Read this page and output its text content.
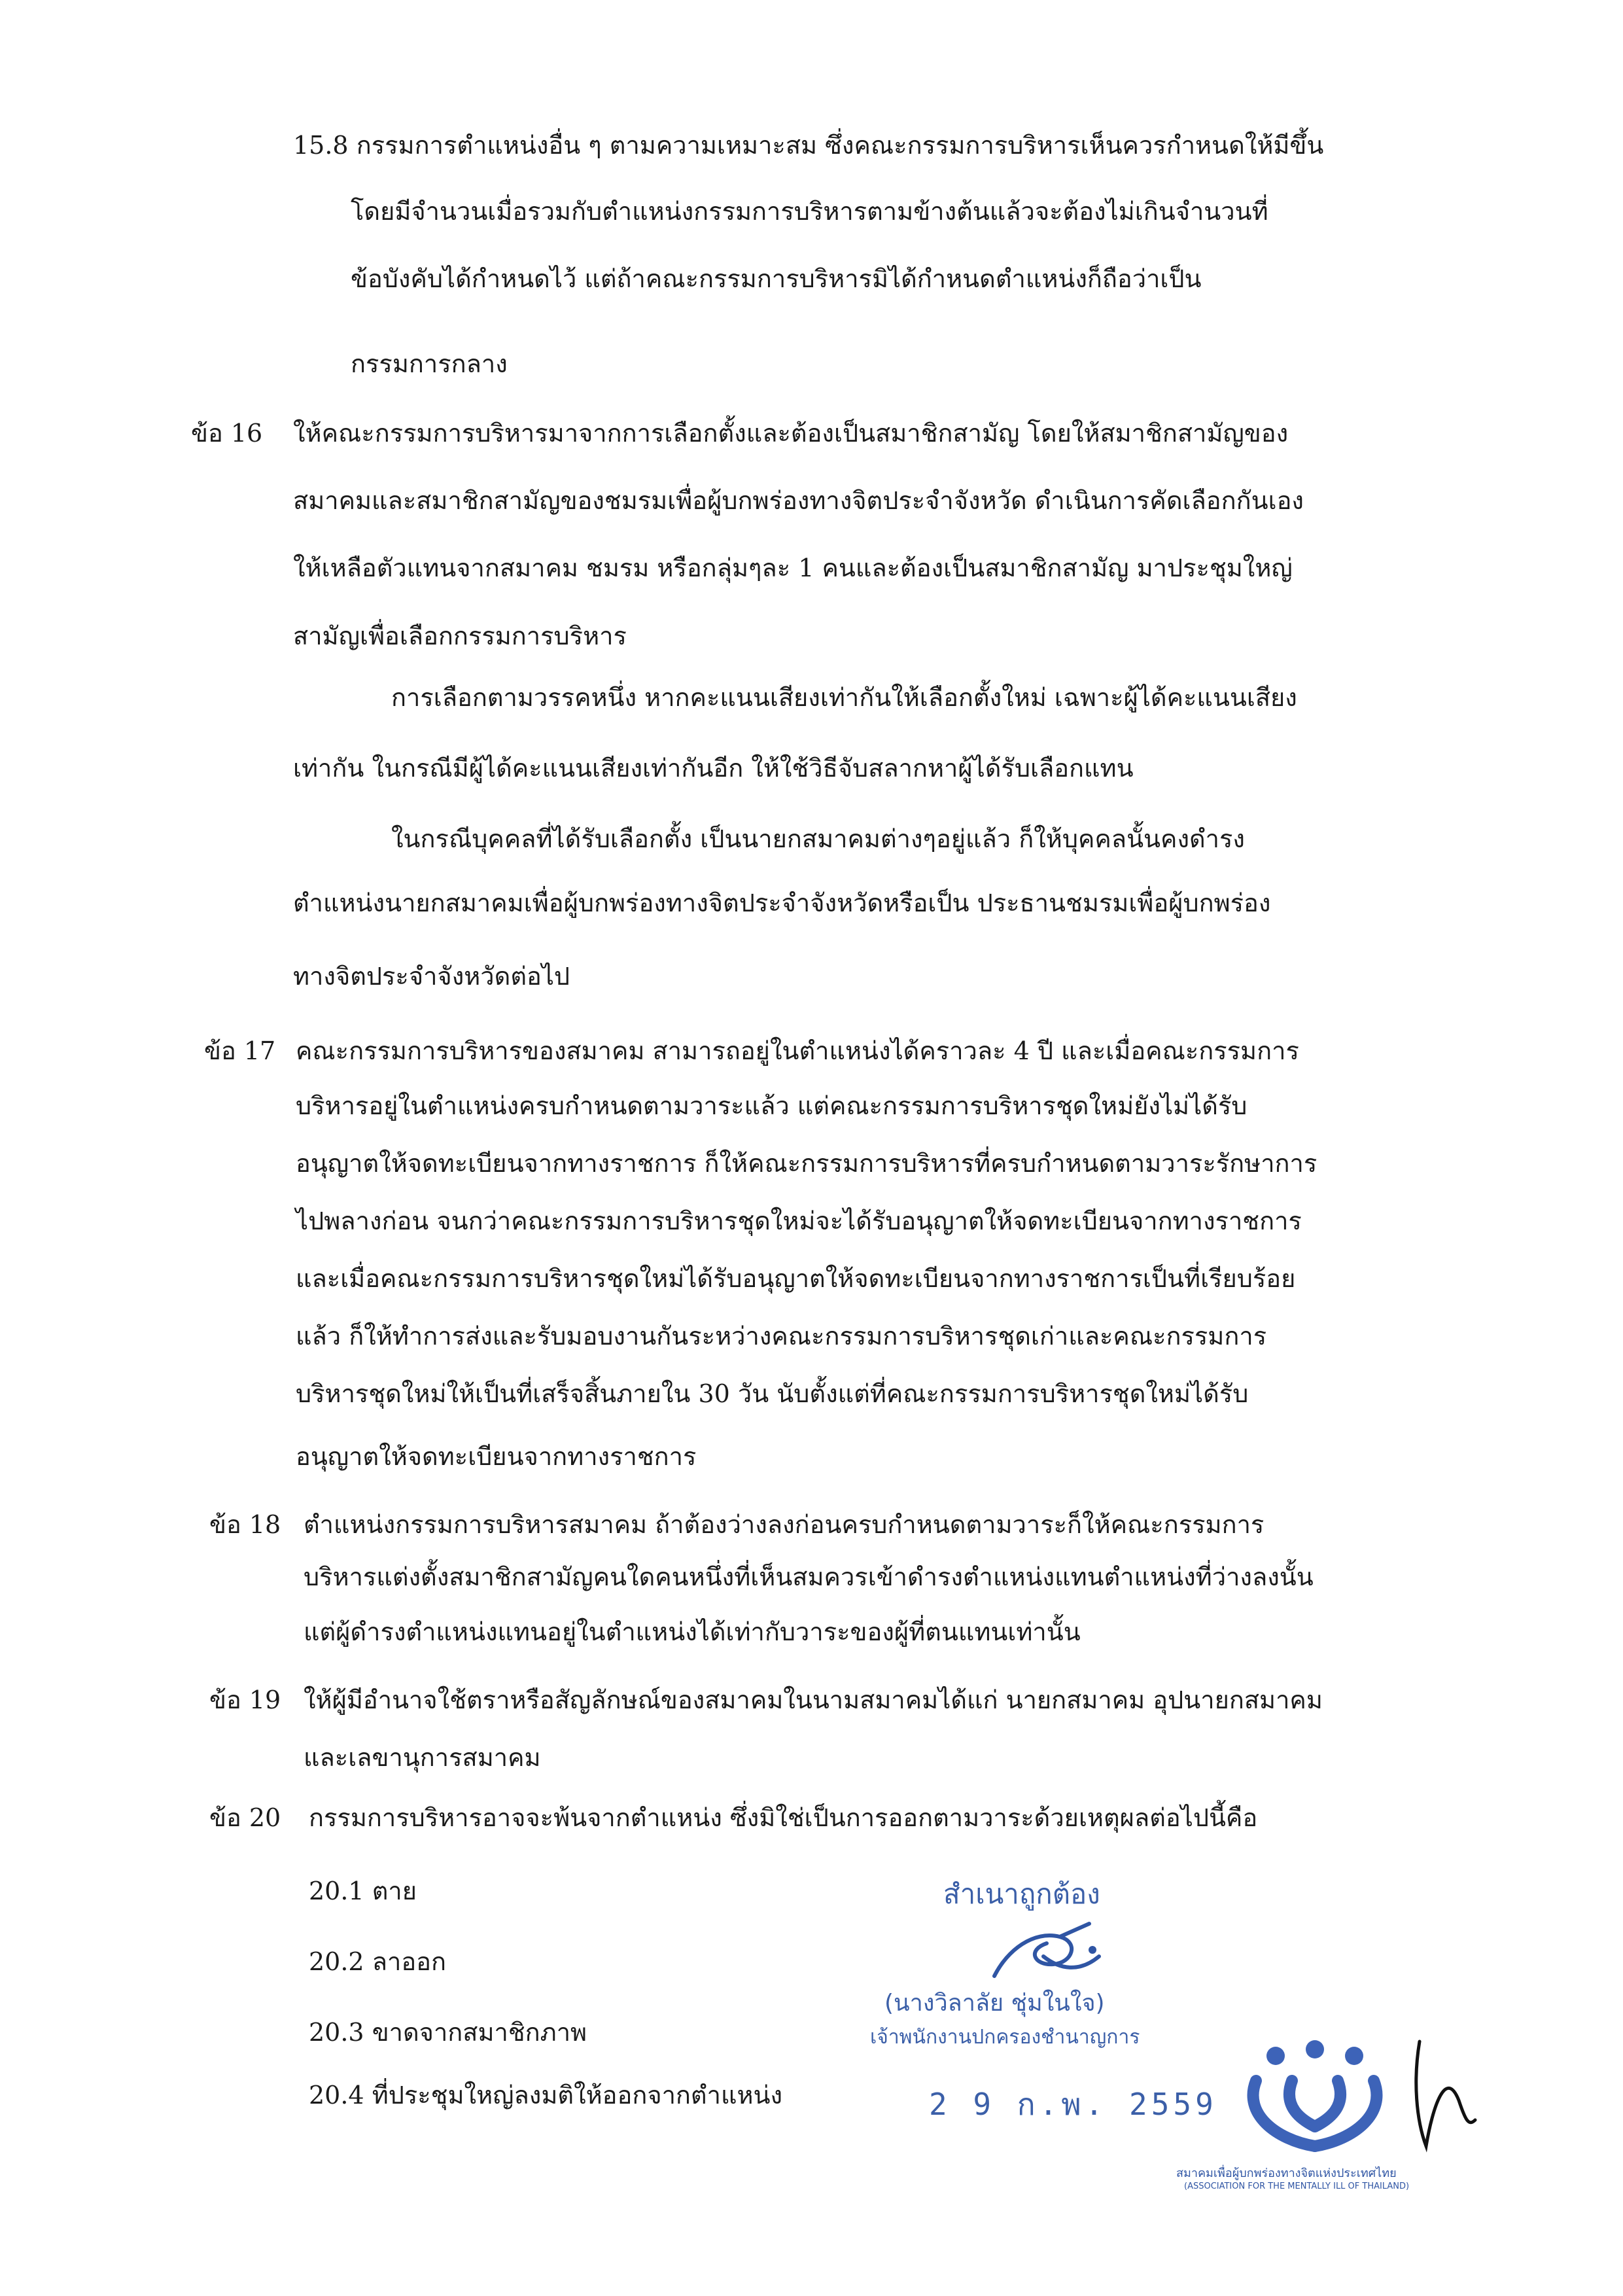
15.8 กรรมการตำแหน่งอื่น ๆ ตามความเหมาะสม ซึ่งคณะกรรมการบริหารเห็นควรกำหนดให้มีขึ้น
โดยมีจำนวนเมื่อรวมกับตำแหน่งกรรมการบริหารตามข้างต้นแล้วจะต้องไม่เกินจำนวนที่
ข้อบังคับได้กำหนดไว้ แต่ถ้าคณะกรรมการบริหารมิได้กำหนดตำแหน่งก็ถือว่าเป็น
กรรมการกลาง
ข้อ 16 ให้คณะกรรมการบริหารมาจากการเลือกตั้งและต้องเป็นสมาชิกสามัญ โดยให้สมาชิกสามัญของ
สมาคมและสมาชิกสามัญของชมรมเพื่อผู้บกพร่องทางจิตประจำจังหวัด ดำเนินการคัดเลือกกันเอง
ให้เหลือตัวแทนจากสมาคม ชมรม หรือกลุ่มๆละ 1 คนและต้องเป็นสมาชิกสามัญ มาประชุมใหญ่
สามัญเพื่อเลือกกรรมการบริหาร
การเลือกตามวรรคหนึ่ง หากคะแนนเสียงเท่ากันให้เลือกตั้งใหม่ เฉพาะผู้ได้คะแนนเสียง
เท่ากัน ในกรณีมีผู้ได้คะแนนเสียงเท่ากันอีก ให้ใช้วิธีจับสลากหาผู้ได้รับเลือกแทน
ในกรณีบุคคลที่ได้รับเลือกตั้ง เป็นนายกสมาคมต่างๆอยู่แล้ว ก็ให้บุคคลนั้นคงดำรง
ตำแหน่งนายกสมาคมเพื่อผู้บกพร่องทางจิตประจำจังหวัดหรือเป็น ประธานชมรมเพื่อผู้บกพร่อง
ทางจิตประจำจังหวัดต่อไป
ข้อ 17 คณะกรรมการบริหารของสมาคม สามารถอยู่ในตำแหน่งได้คราวละ 4 ปี และเมื่อคณะกรรมการ
บริหารอยู่ในตำแหน่งครบกำหนดตามวาระแล้ว แต่คณะกรรมการบริหารชุดใหม่ยังไม่ได้รับ
อนุญาตให้จดทะเบียนจากทางราชการ ก็ให้คณะกรรมการบริหารที่ครบกำหนดตามวาระรักษาการ
ไปพลางก่อน จนกว่าคณะกรรมการบริหารชุดใหม่จะได้รับอนุญาตให้จดทะเบียนจากทางราชการ
และเมื่อคณะกรรมการบริหารชุดใหม่ได้รับอนุญาตให้จดทะเบียนจากทางราชการเป็นที่เรียบร้อย
แล้ว ก็ให้ทำการส่งและรับมอบงานกันระหว่างคณะกรรมการบริหารชุดเก่าและคณะกรรมการ
บริหารชุดใหม่ให้เป็นที่เสร็จสิ้นภายใน 30 วัน นับตั้งแต่ที่คณะกรรมการบริหารชุดใหม่ได้รับ
อนุญาตให้จดทะเบียนจากทางราชการ
ข้อ 18 ตำแหน่งกรรมการบริหารสมาคม ถ้าต้องว่างลงก่อนครบกำหนดตามวาระก็ให้คณะกรรมการ
บริหารแต่งตั้งสมาชิกสามัญคนใดคนหนึ่งที่เห็นสมควรเข้าดำรงตำแหน่งแทนตำแหน่งที่ว่างลงนั้น
แต่ผู้ดำรงตำแหน่งแทนอยู่ในตำแหน่งได้เท่ากับวาระของผู้ที่ตนแทนเท่านั้น
ข้อ 19 ให้ผู้มีอำนาจใช้ตราหรือสัญลักษณ์ของสมาคมในนามสมาคมได้แก่ นายกสมาคม อุปนายกสมาคม
และเลขานุการสมาคม
ข้อ 20 กรรมการบริหารอาจจะพ้นจากตำแหน่ง ซึ่งมิใช่เป็นการออกตามวาระด้วยเหตุผลต่อไปนี้คือ
20.1 ตาย
20.2 ลาออก
20.3 ขาดจากสมาชิกภาพ
20.4 ที่ประชุมใหญ่ลงมติให้ออกจากตำแหน่ง
สำเนาถูกต้อง
(นางวิลาลัย ชุ่มในใจ)
เจ้าพนักงานปกครองชำนาญการ
2 9 ก.พ. 2559
สมาคมเพื่อผู้บกพร่องทางจิตแห่งประเทศไทย
(ASSOCIATION FOR THE MENTALLY ILL OF THAILAND)
